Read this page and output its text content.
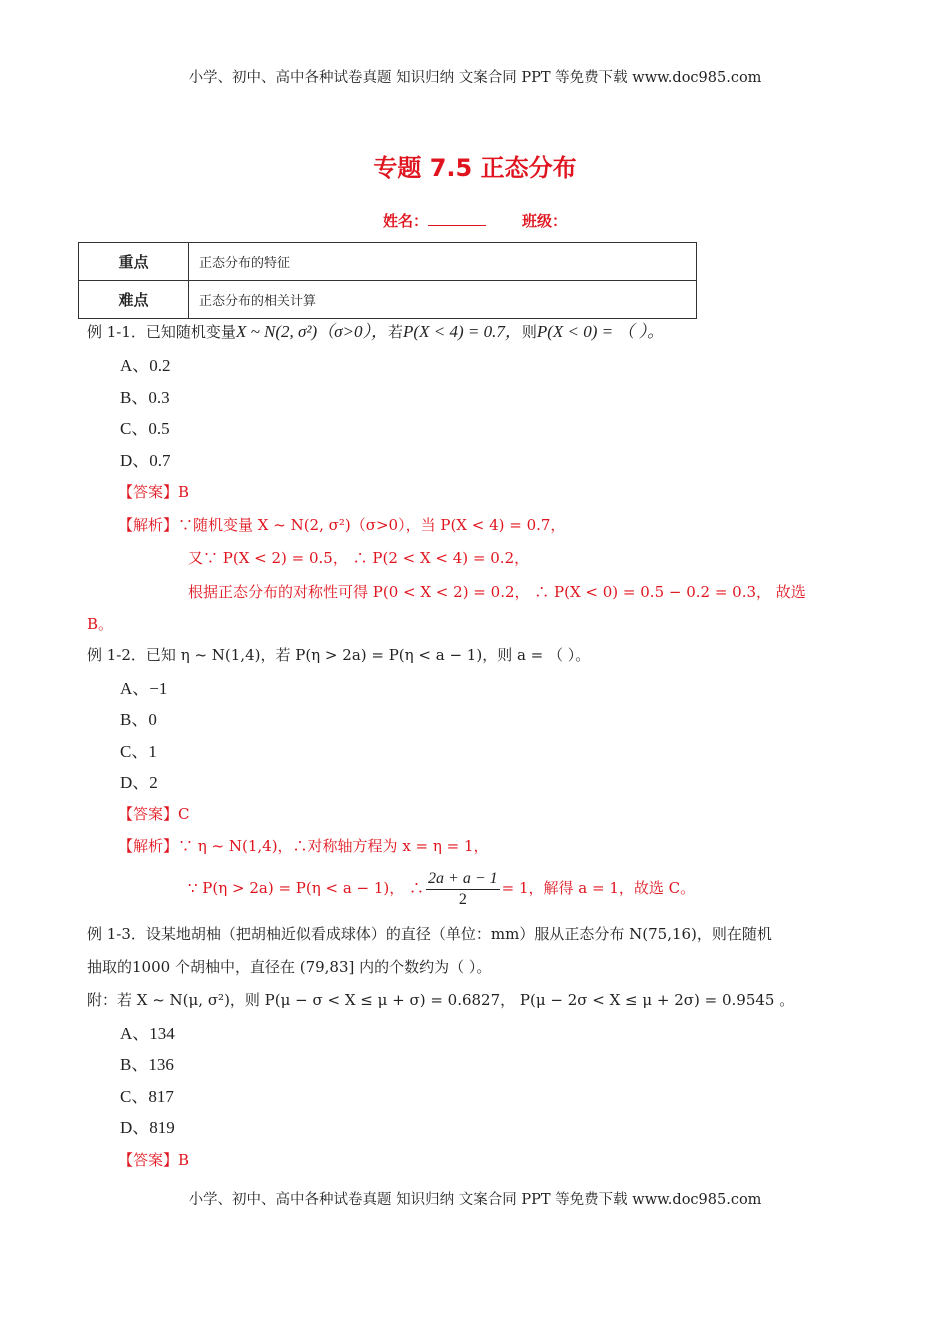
小学、初中、高中各种试卷真题 知识归纳 文案合同 PPT 等免费下载 www.doc985.com
专题 7.5 正态分布
姓名：	班级：
重点	正态分布的特征
难点	正态分布的相关计算
例 1-1．已知随机变量X ~ N(2, σ²)（σ>0），若P(X < 4) = 0.7，则P(X < 0) = （ ）。
A、0.2
B、0.3
C、0.5
D、0.7
【答案】B
【解析】∵随机变量 X ~ N(2, σ²)（σ>0），当 P(X < 4) = 0.7，
又∵ P(X < 2) = 0.5， ∴ P(2 < X < 4) = 0.2，
根据正态分布的对称性可得 P(0 < X < 2) = 0.2， ∴ P(X < 0) = 0.5 − 0.2 = 0.3， 故选
B。
例 1-2．已知 η ~ N(1,4)，若 P(η > 2a) = P(η < a − 1)，则 a = （ ）。
A、−1
B、0
C、1
D、2
【答案】C
【解析】∵ η ~ N(1,4)，∴对称轴方程为 x = η = 1，
∵ P(η > 2a) = P(η < a − 1)， ∴ $\frac{2a + a - 1}{2} = 1$，解得 a = 1，故选 C。
例 1-3．设某地胡柚（把胡柚近似看成球体）的直径（单位：mm）服从正态分布 N(75,16)，则在随机
抽取的1000 个胡柚中，直径在 (79,83] 内的个数约为（ ）。
附：若 X ~ N(μ, σ²)，则 P(μ − σ < X ≤ μ + σ) = 0.6827， P(μ − 2σ < X ≤ μ + 2σ) = 0.9545 。
A、134
B、136
C、817
D、819
【答案】B
小学、初中、高中各种试卷真题 知识归纳 文案合同 PPT 等免费下载 www.doc985.com
